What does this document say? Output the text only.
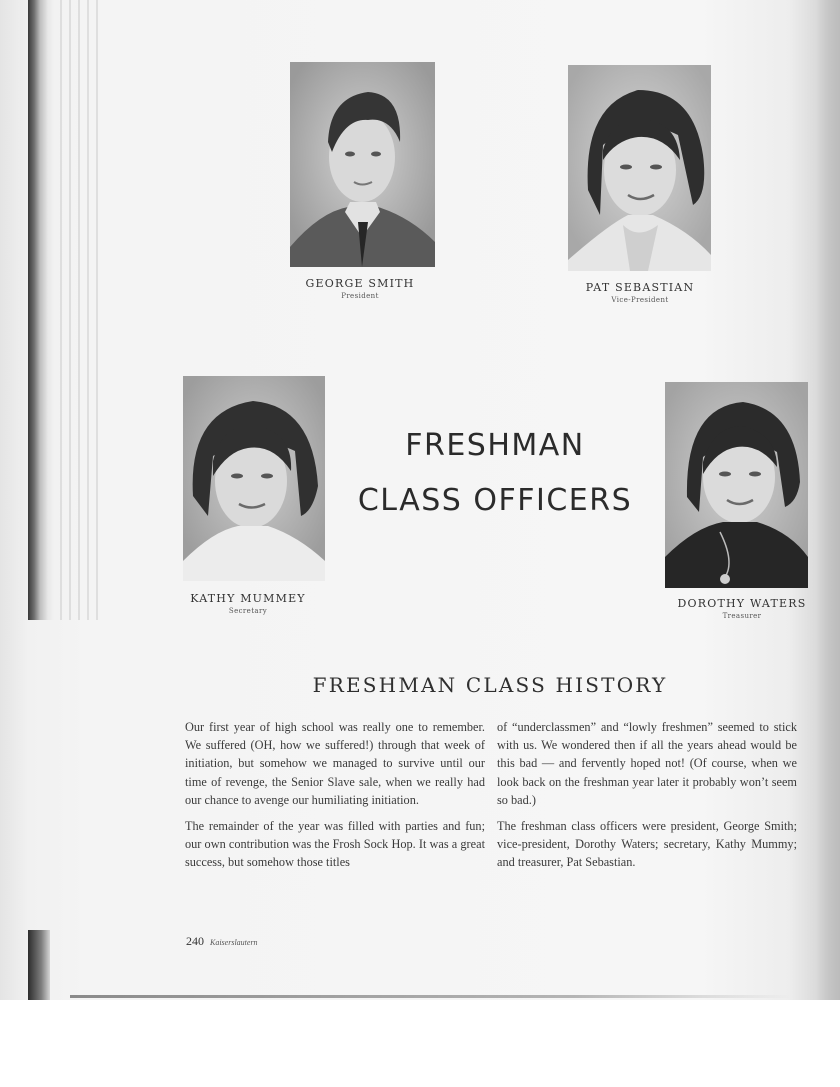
GEORGE SMITH
President
PAT SEBASTIAN
Vice-President
KATHY MUMMEY
Secretary
DOROTHY WATERS
Treasurer
FRESHMAN
CLASS OFFICERS
FRESHMAN CLASS HISTORY

Our first year of high school was really one to remember. We suffered (OH, how we suffered!) through that week of initiation, but somehow we managed to survive until our time of revenge, the Senior Slave sale, when we really had our chance to avenge our humiliating initiation.

The remainder of the year was filled with parties and fun; our own contribution was the Frosh Sock Hop. It was a great success, but somehow those titles

of “underclassmen” and “lowly freshmen” seemed to stick with us. We wondered then if all the years ahead would be this bad — and fervently hoped not! (Of course, when we look back on the freshman year later it probably won’t seem so bad.)

The freshman class officers were president, George Smith; vice-president, Dorothy Waters; secretary, Kathy Mummy; and treasurer, Pat Sebastian.

240 Kaiserslautern
